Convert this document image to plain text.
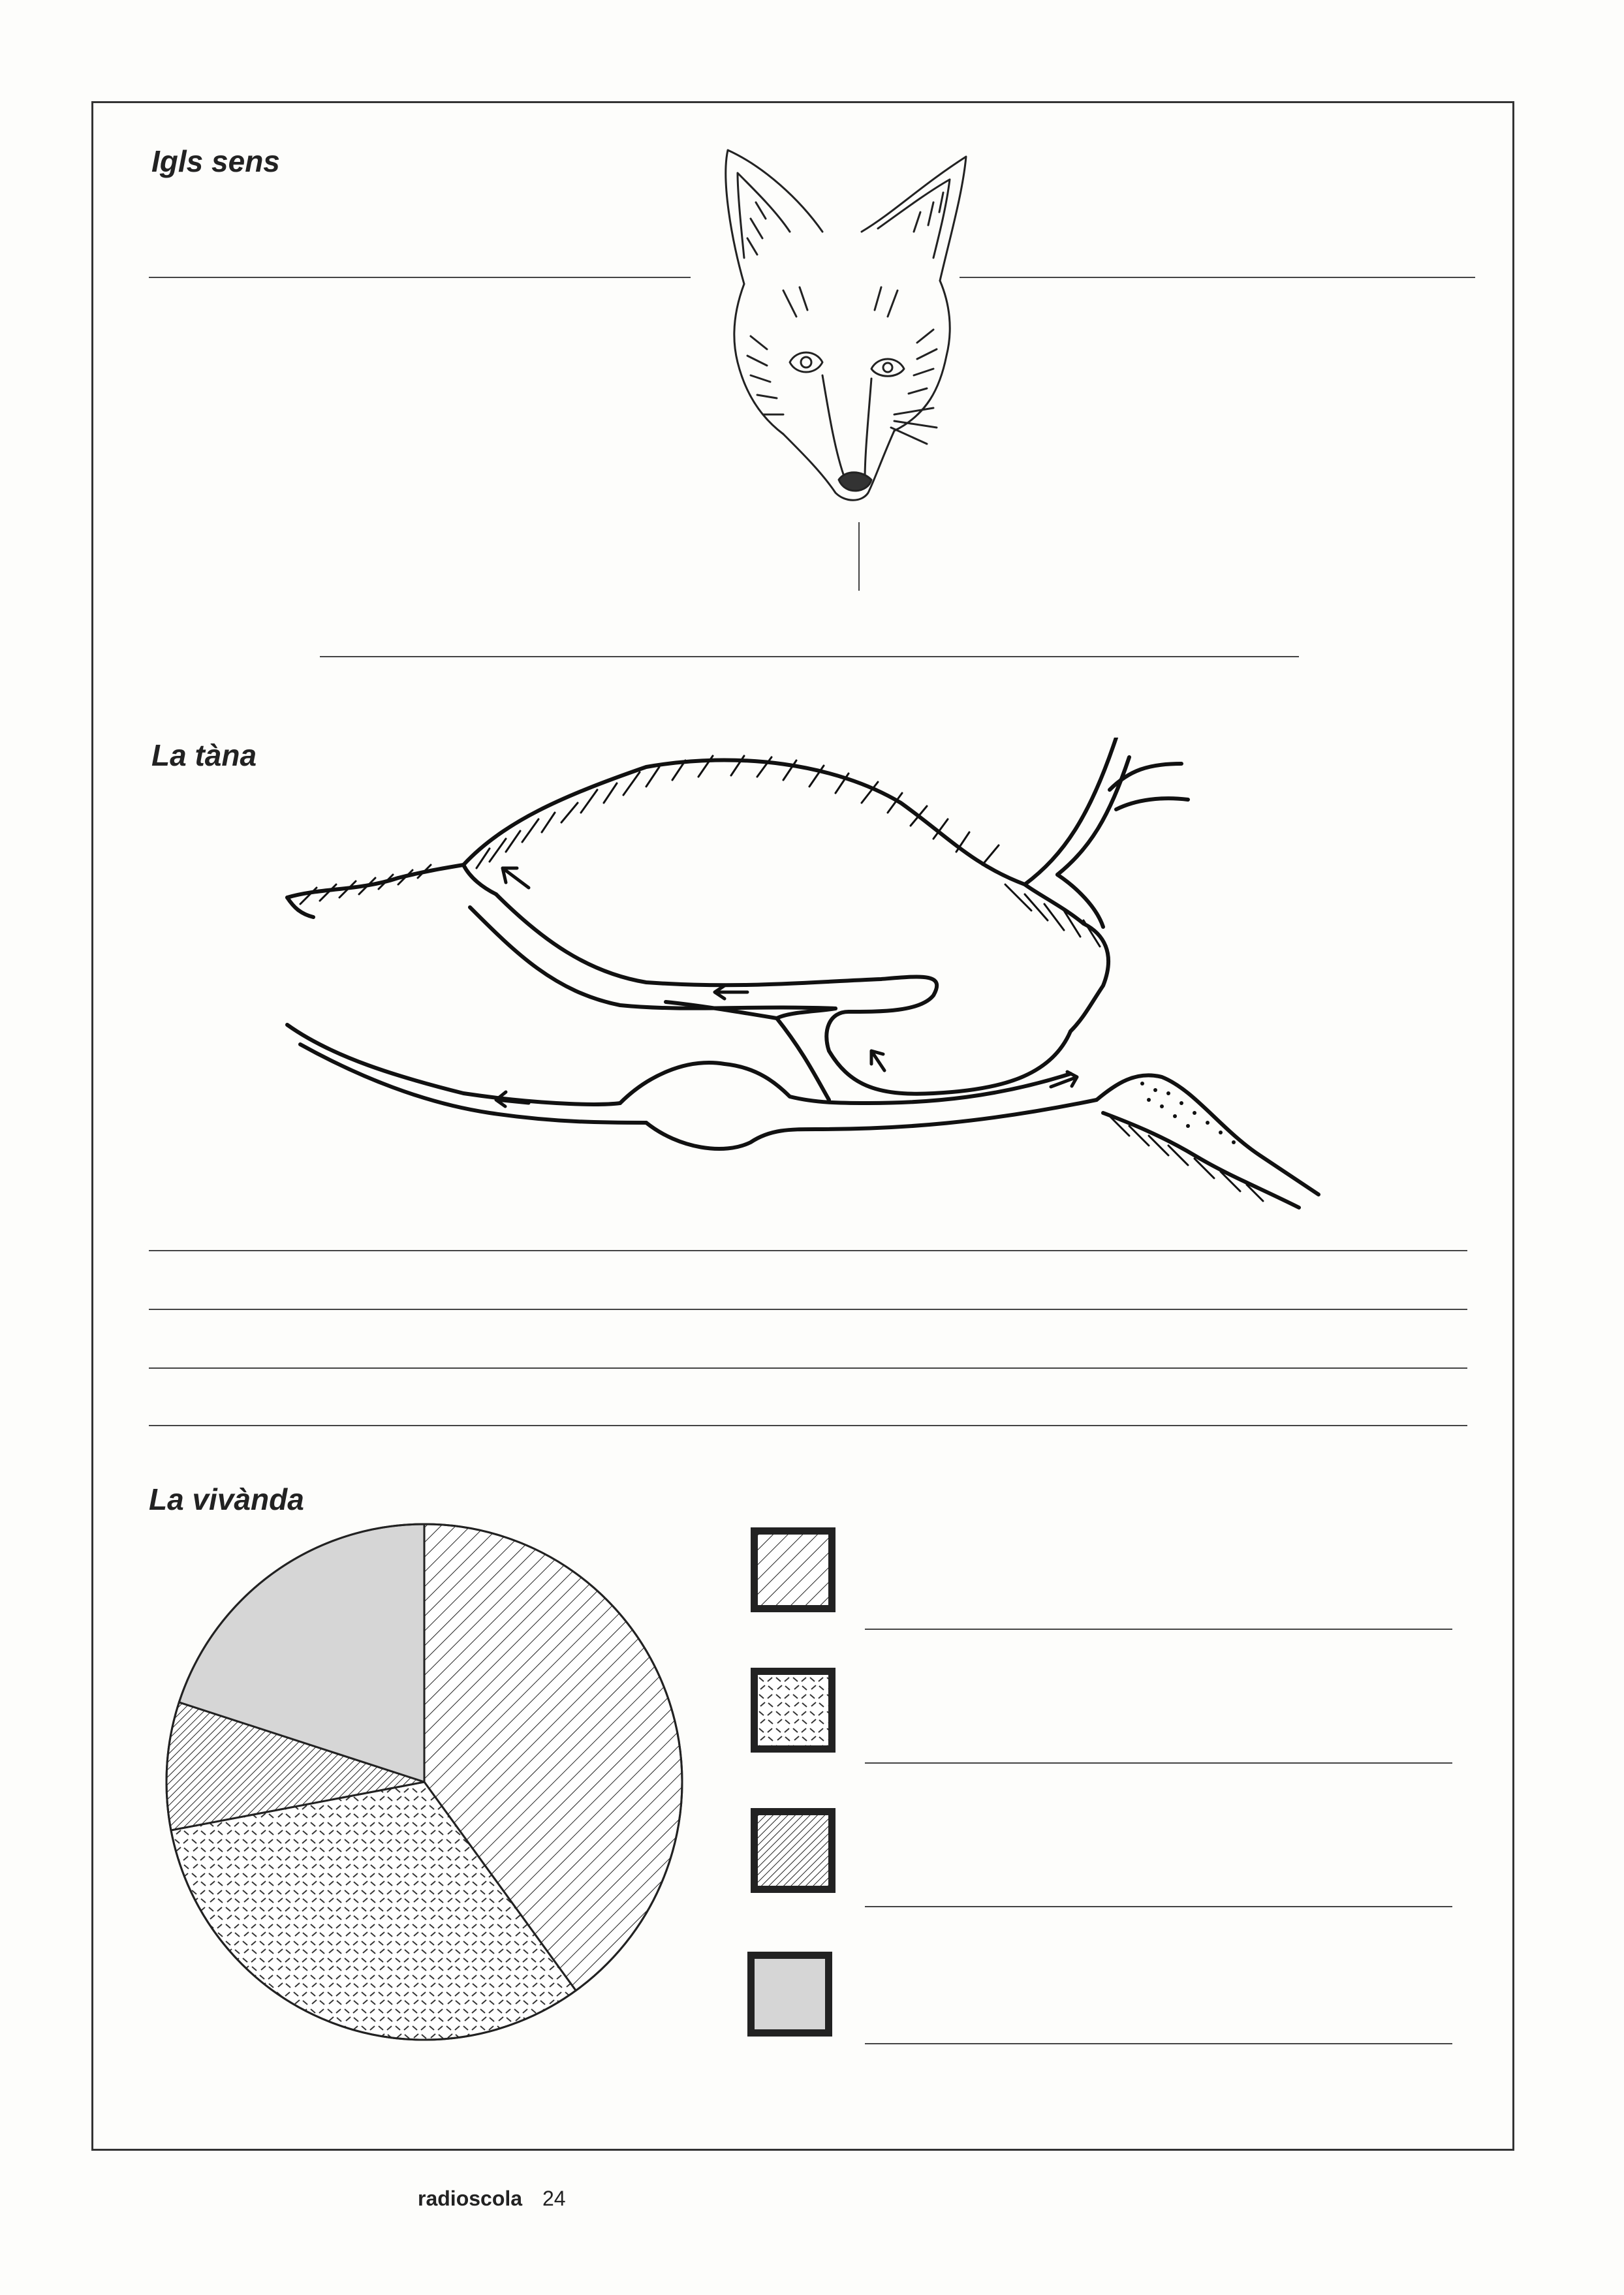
Igls sens
La tàna
La vivànda
radioscola 24
